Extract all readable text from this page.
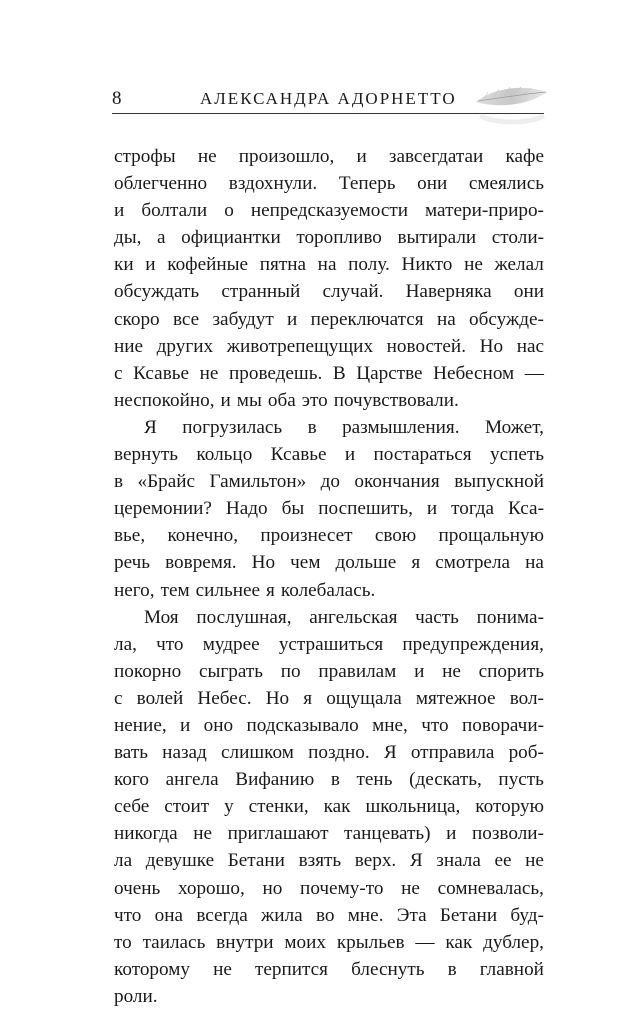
8	АЛЕКСАНДРА АДОРНЕТТО
строфы не произошло, и завсегдатаи кафе
облегченно вздохнули. Теперь они смеялись
и болтали о непредсказуемости матери-приро-
ды, а официантки торопливо вытирали столи-
ки и кофейные пятна на полу. Никто не желал
обсуждать странный случай. Наверняка они
скоро все забудут и переключатся на обсужде-
ние других животрепещущих новостей. Но нас
с Ксавье не проведешь. В Царстве Небесном —
неспокойно, и мы оба это почувствовали.
Я погрузилась в размышления. Может,
вернуть кольцо Ксавье и постараться успеть
в «Брайс Гамильтон» до окончания выпускной
церемонии? Надо бы поспешить, и тогда Кса-
вье, конечно, произнесет свою прощальную
речь вовремя. Но чем дольше я смотрела на
него, тем сильнее я колебалась.
Моя послушная, ангельская часть понима-
ла, что мудрее устрашиться предупреждения,
покорно сыграть по правилам и не спорить
с волей Небес. Но я ощущала мятежное вол-
нение, и оно подсказывало мне, что поворачи-
вать назад слишком поздно. Я отправила роб-
кого ангела Вифанию в тень (дескать, пусть
себе стоит у стенки, как школьница, которую
никогда не приглашают танцевать) и позволи-
ла девушке Бетани взять верх. Я знала ее не
очень хорошо, но почему-то не сомневалась,
что она всегда жила во мне. Эта Бетани буд-
то таилась внутри моих крыльев — как дублер,
которому не терпится блеснуть в главной
роли.
